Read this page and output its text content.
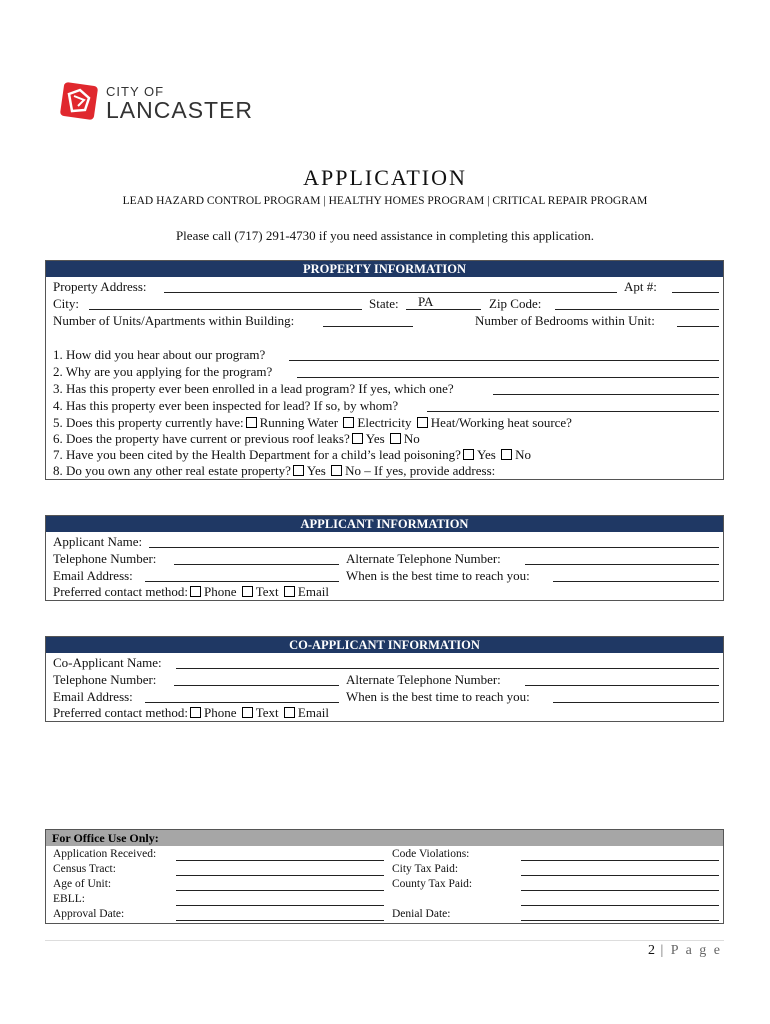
CITY OF
LANCASTER
APPLICATION
LEAD HAZARD CONTROL PROGRAM | HEALTHY HOMES PROGRAM | CRITICAL REPAIR PROGRAM
Please call (717) 291-4730 if you need assistance in completing this application.
PROPERTY INFORMATION
Property Address:	Apt #:
City:	State: PA	Zip Code:
Number of Units/Apartments within Building:	Number of Bedrooms within Unit:
1. How did you hear about our program?
2. Why are you applying for the program?
3. Has this property ever been enrolled in a lead program? If yes, which one?
4. Has this property ever been inspected for lead? If so, by whom?
5. Does this property currently have: Running Water Electricity Heat/Working heat source?
6. Does the property have current or previous roof leaks? Yes No
7. Have you been cited by the Health Department for a child’s lead poisoning? Yes No
8. Do you own any other real estate property? Yes No – If yes, provide address:
APPLICANT INFORMATION
Applicant Name:
Telephone Number:	Alternate Telephone Number:
Email Address:	When is the best time to reach you:
Preferred contact method: Phone Text Email
CO-APPLICANT INFORMATION
Co-Applicant Name:
Telephone Number:	Alternate Telephone Number:
Email Address:	When is the best time to reach you:
Preferred contact method: Phone Text Email
For Office Use Only:
Application Received:	Code Violations:
Census Tract:	City Tax Paid:
Age of Unit:	County Tax Paid:
EBLL:
Approval Date:	Denial Date:
2 | P a g e
